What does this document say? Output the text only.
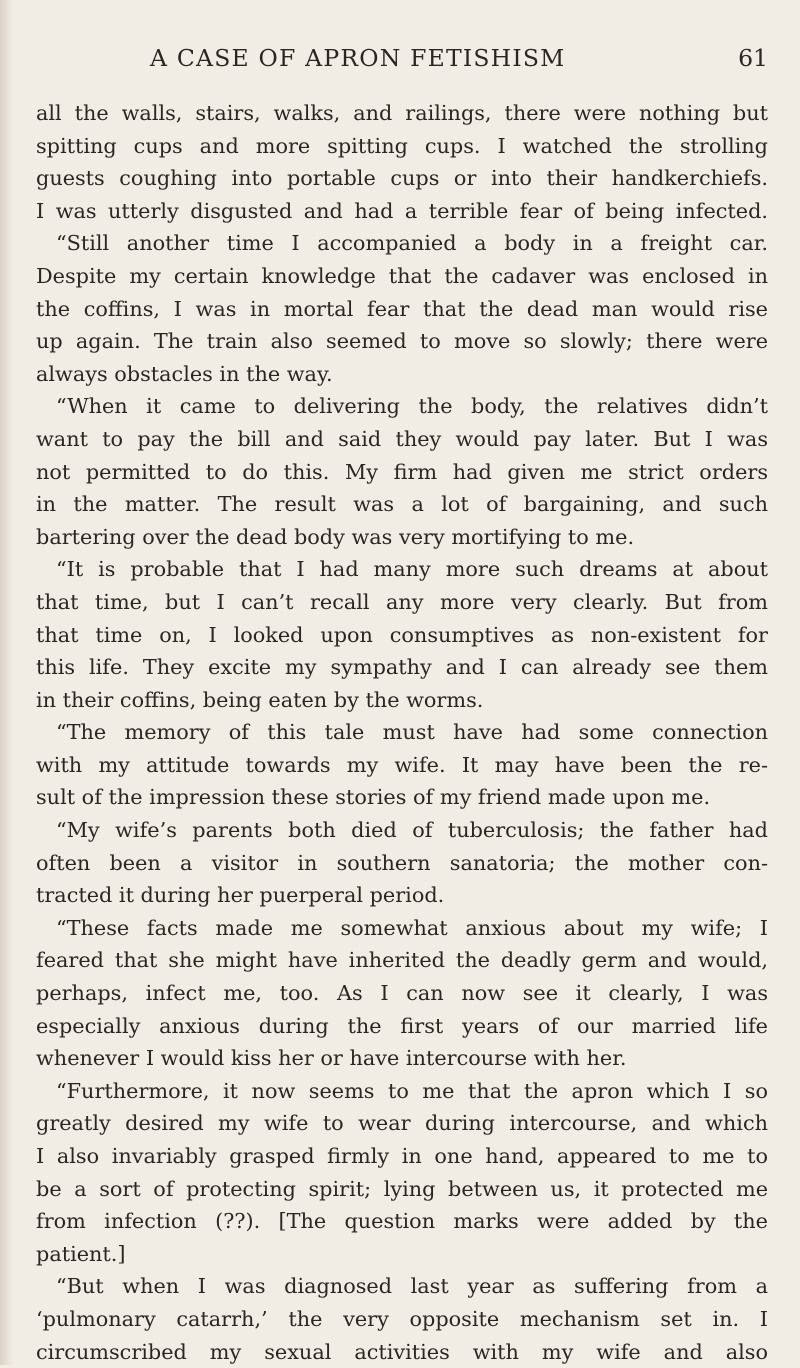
A CASE OF APRON FETISHISM	61
all the walls, stairs, walks, and railings, there were nothing but
spitting cups and more spitting cups. I watched the strolling
guests coughing into portable cups or into their handkerchiefs.
I was utterly disgusted and had a terrible fear of being infected.
“Still another time I accompanied a body in a freight car.
Despite my certain knowledge that the cadaver was enclosed in
the coffins, I was in mortal fear that the dead man would rise
up again. The train also seemed to move so slowly; there were
always obstacles in the way.
“When it came to delivering the body, the relatives didn’t
want to pay the bill and said they would pay later. But I was
not permitted to do this. My firm had given me strict orders
in the matter. The result was a lot of bargaining, and such
bartering over the dead body was very mortifying to me.
“It is probable that I had many more such dreams at about
that time, but I can’t recall any more very clearly. But from
that time on, I looked upon consumptives as non-existent for
this life. They excite my sympathy and I can already see them
in their coffins, being eaten by the worms.
“The memory of this tale must have had some connection
with my attitude towards my wife. It may have been the re-
sult of the impression these stories of my friend made upon me.
“My wife’s parents both died of tuberculosis; the father had
often been a visitor in southern sanatoria; the mother con-
tracted it during her puerperal period.
“These facts made me somewhat anxious about my wife; I
feared that she might have inherited the deadly germ and would,
perhaps, infect me, too. As I can now see it clearly, I was
especially anxious during the first years of our married life
whenever I would kiss her or have intercourse with her.
“Furthermore, it now seems to me that the apron which I so
greatly desired my wife to wear during intercourse, and which
I also invariably grasped firmly in one hand, appeared to me to
be a sort of protecting spirit; lying between us, it protected me
from infection (??). [The question marks were added by the
patient.]
“But when I was diagnosed last year as suffering from a
‘pulmonary catarrh,’ the very opposite mechanism set in. I
circumscribed my sexual activities with my wife and also
